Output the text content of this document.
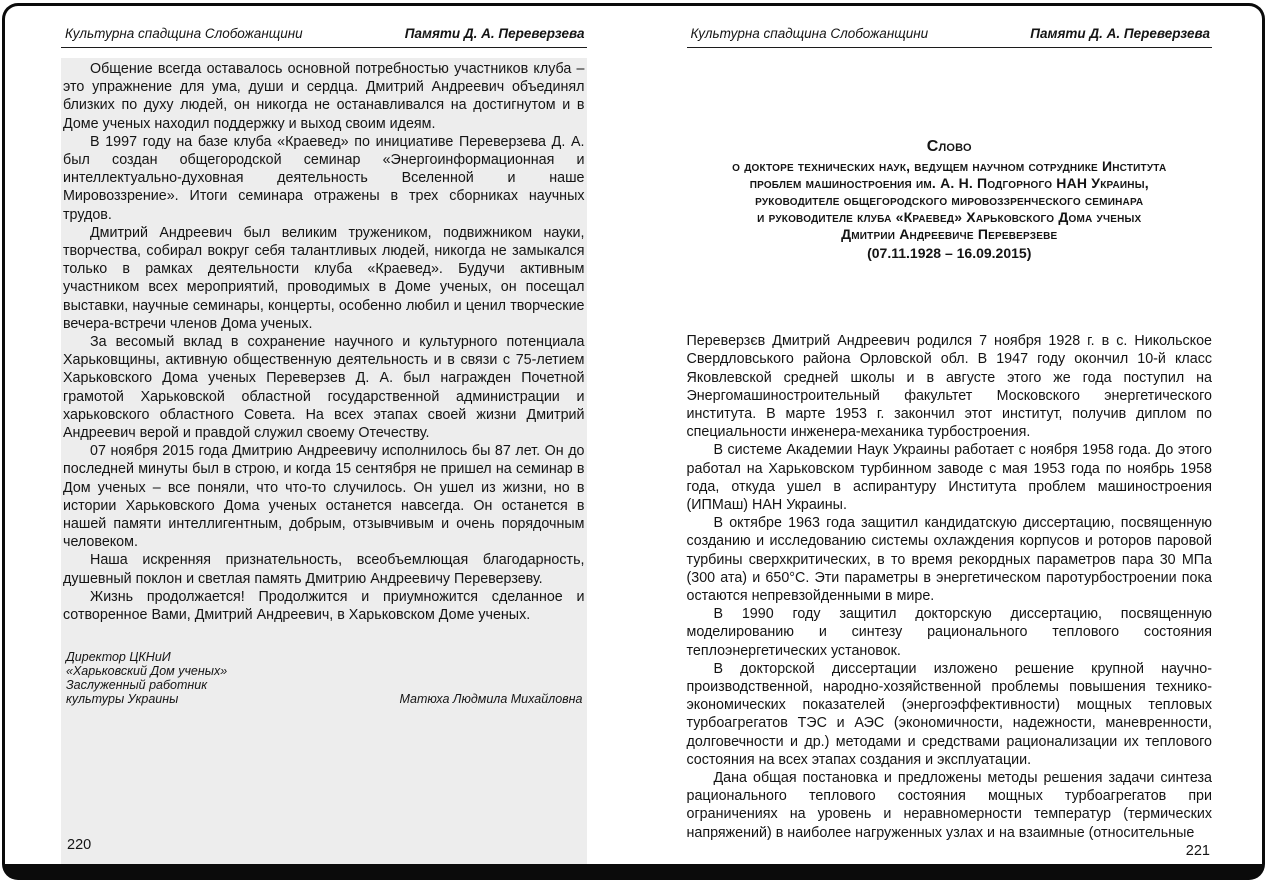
Культурна спадщина Слобожанщини	Памяти Д. А. Переверзева

Общение всегда оставалось основной потребностью участников клуба – это упражнение для ума, души и сердца. Дмитрий Андреевич объединял близких по духу людей, он никогда не останавливался на достигнутом и в Доме ученых находил поддержку и выход своим идеям.

В 1997 году на базе клуба «Краевед» по инициативе Переверзева Д. А. был создан общегородской семинар «Энергоинформационная и интеллектуально-духовная деятельность Вселенной и наше Мировоззрение». Итоги семинара отражены в трех сборниках научных трудов.

Дмитрий Андреевич был великим тружеником, подвижником науки, творчества, собирал вокруг себя талантливых людей, никогда не замыкался только в рамках деятельности клуба «Краевед». Будучи активным участником всех мероприятий, проводимых в Доме ученых, он посещал выставки, научные семинары, концерты, особенно любил и ценил творческие вечера-встречи членов Дома ученых.

За весомый вклад в сохранение научного и культурного потенциала Харьковщины, активную общественную деятельность и в связи с 75-летием Харьковского Дома ученых Переверзев Д. А. был награжден Почетной грамотой Харьковской областной государственной администрации и харьковского областного Совета. На всех этапах своей жизни Дмитрий Андреевич верой и правдой служил своему Отечеству.

07 ноября 2015 года Дмитрию Андреевичу исполнилось бы 87 лет. Он до последней минуты был в строю, и когда 15 сентября не пришел на семинар в Дом ученых – все поняли, что что-то случилось. Он ушел из жизни, но в истории Харьковского Дома ученых останется навсегда. Он останется в нашей памяти интеллигентным, добрым, отзывчивым и очень порядочным человеком.

Наша искренняя признательность, всеобъемлющая благодарность, душевный поклон и светлая память Дмитрию Андреевичу Переверзеву.

Жизнь продолжается! Продолжится и приумножится сделанное и сотворенное Вами, Дмитрий Андреевич, в Харьковском Доме ученых.

Директор ЦКНиИ
«Харьковский Дом ученых»
Заслуженный работник
культуры Украины	Матюха Людмила Михайловна
220
Культурна спадщина Слобожанщини	Памяти Д. А. Переверзева
Слово
о докторе технических наук, ведущем научном сотруднике Института
проблем машиностроения им. А. Н. Подгорного НАН Украины,
руководителе общегородского мировоззренческого семинара
и руководителе клуба «Краевед» Харьковского Дома ученых
Дмитрии Андреевиче Переверзеве
(07.11.1928 – 16.09.2015)

Переверзєв Дмитрий Андреевич родился 7 ноября 1928 г. в с. Никольское Свердловського района Орловской обл. В 1947 году окончил 10-й класс Яковлевской средней школы и в августе этого же года поступил на Энергомашиностроительный факультет Московского энергетического института. В марте 1953 г. закончил этот институт, получив диплом по специальности инженера-механика турбостроения.

В системе Академии Наук Украины работает с ноября 1958 года. До этого работал на Харьковском турбинном заводе с мая 1953 года по ноябрь 1958 года, откуда ушел в аспирантуру Института проблем машиностроения (ИПМаш) НАН Украины.

В октябре 1963 года защитил кандидатскую диссертацию, посвященную созданию и исследованию системы охлаждения корпусов и роторов паровой турбины сверхкритических, в то время рекордных параметров пара 30 МПа (300 ата) и 650°С. Эти параметры в энергетическом паротурбостроении пока остаются непревзойденными в мире.

В 1990 году защитил докторскую диссертацию, посвященную моделированию и синтезу рационального теплового состояния теплоэнергетических установок.

В докторской диссертации изложено решение крупной научно-производственной, народно-хозяйственной проблемы повышения технико-экономических показателей (энергоэффективности) мощных тепловых турбоагрегатов ТЭС и АЭС (экономичности, надежности, маневренности, долговечности и др.) методами и средствами рационализации их теплового состояния на всех этапах создания и эксплуатации.

Дана общая постановка и предложены методы решения задачи синтеза рационального теплового состояния мощных турбоагрегатов при ограничениях на уровень и неравномерности температур (термических напряжений) в наиболее нагруженных узлах и на взаимные (относительные

221
